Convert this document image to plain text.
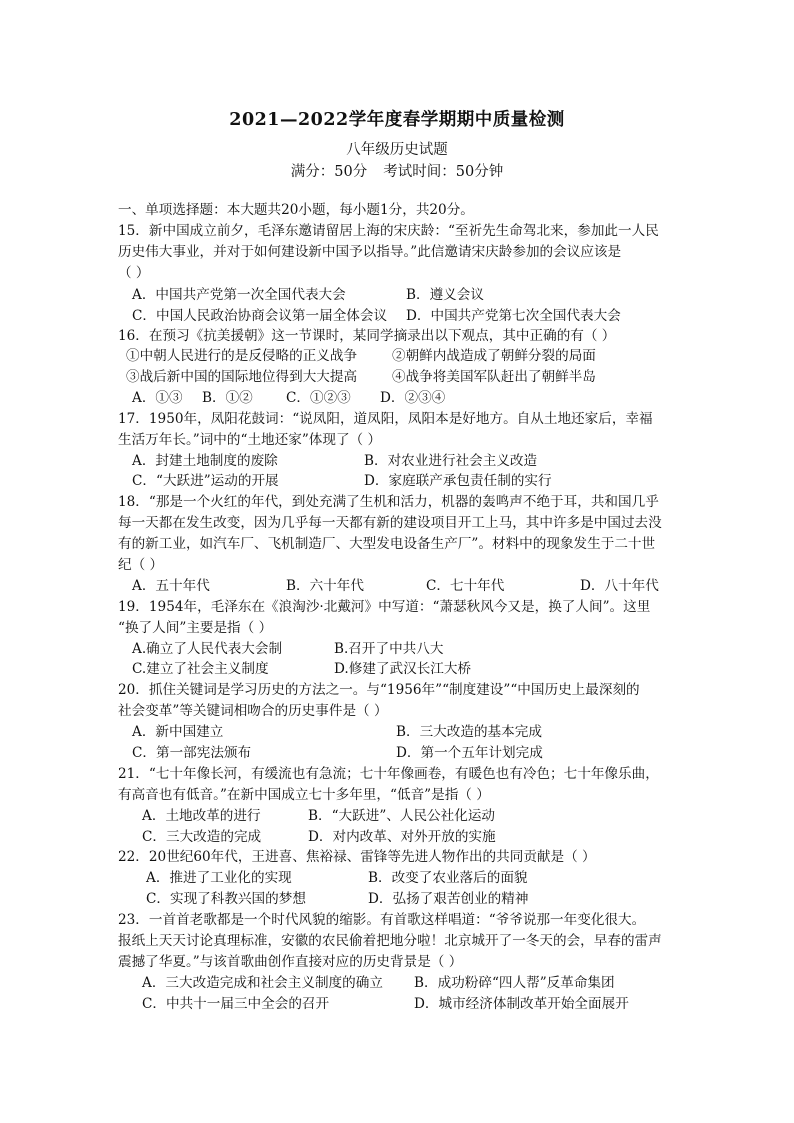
2021—2022学年度春学期期中质量检测
八年级历史试题
满分：50分 考试时间：50分钟
一、单项选择题：本大题共20小题，每小题1分，共20分。
15．新中国成立前夕，毛泽东邀请留居上海的宋庆龄：“至祈先生命驾北来，参加此一人民
历史伟大事业，并对于如何建设新中国予以指导。”此信邀请宋庆龄参加的会议应该是
（ ）
A．中国共产党第一次全国代表大会	B．遵义会议
C．中国人民政治协商会议第一届全体会议 D．中国共产党第七次全国代表大会
16．在预习《抗美援朝》这一节课时，某同学摘录出以下观点，其中正确的有（ ）
①中朝人民进行的是反侵略的正义战争	②朝鲜内战造成了朝鲜分裂的局面
③战后新中国的国际地位得到大大提高	④战争将美国军队赶出了朝鲜半岛
A．①③ B．①② C．①②③ D．②③④
17．1950年，凤阳花鼓词：“说凤阳，道凤阳，凤阳本是好地方。自从土地还家后，幸福
生活万年长。”词中的“土地还家”体现了（ ）
A．封建土地制度的废除	B．对农业进行社会主义改造
C．“大跃进”运动的开展	D．家庭联产承包责任制的实行
18．“那是一个火红的年代，到处充满了生机和活力，机器的轰鸣声不绝于耳，共和国几乎
每一天都在发生改变，因为几乎每一天都有新的建设项目开工上马，其中许多是中国过去没
有的新工业，如汽车厂、飞机制造厂、大型发电设备生产厂”。材料中的现象发生于二十世
纪（ ）
A．五十年代	B．六十年代	C．七十年代	D．八十年代
19．1954年，毛泽东在《浪淘沙·北戴河》中写道：“萧瑟秋风今又是，换了人间”。这里
“换了人间”主要是指（ ）
A.确立了人民代表大会制	B.召开了中共八大
C.建立了社会主义制度	D.修建了武汉长江大桥
20．抓住关键词是学习历史的方法之一。与“1956年”“制度建设”“中国历史上最深刻的
社会变革”等关键词相吻合的历史事件是（ ）
A．新中国建立	B．三大改造的基本完成
C．第一部宪法颁布	D．第一个五年计划完成
21．“七十年像长河，有缓流也有急流；七十年像画卷，有暖色也有冷色；七十年像乐曲，
有高音也有低音。”在新中国成立七十多年里，“低音”是指（ ）
A．土地改革的进行	B．“大跃进”、人民公社化运动
C．三大改造的完成	D．对内改革、对外开放的实施
22．20世纪60年代，王进喜、焦裕禄、雷锋等先进人物作出的共同贡献是（ ）
A．推进了工业化的实现	B．改变了农业落后的面貌
C．实现了科教兴国的梦想	D．弘扬了艰苦创业的精神
23．一首首老歌都是一个时代风貌的缩影。有首歌这样唱道：“爷爷说那一年变化很大。
报纸上天天讨论真理标准，安徽的农民偷着把地分啦！北京城开了一冬天的会，早春的雷声
震撼了华夏。”与该首歌曲创作直接对应的历史背景是（ ）
A．三大改造完成和社会主义制度的确立 B．成功粉碎“四人帮”反革命集团
C．中共十一届三中全会的召开	D．城市经济体制改革开始全面展开
